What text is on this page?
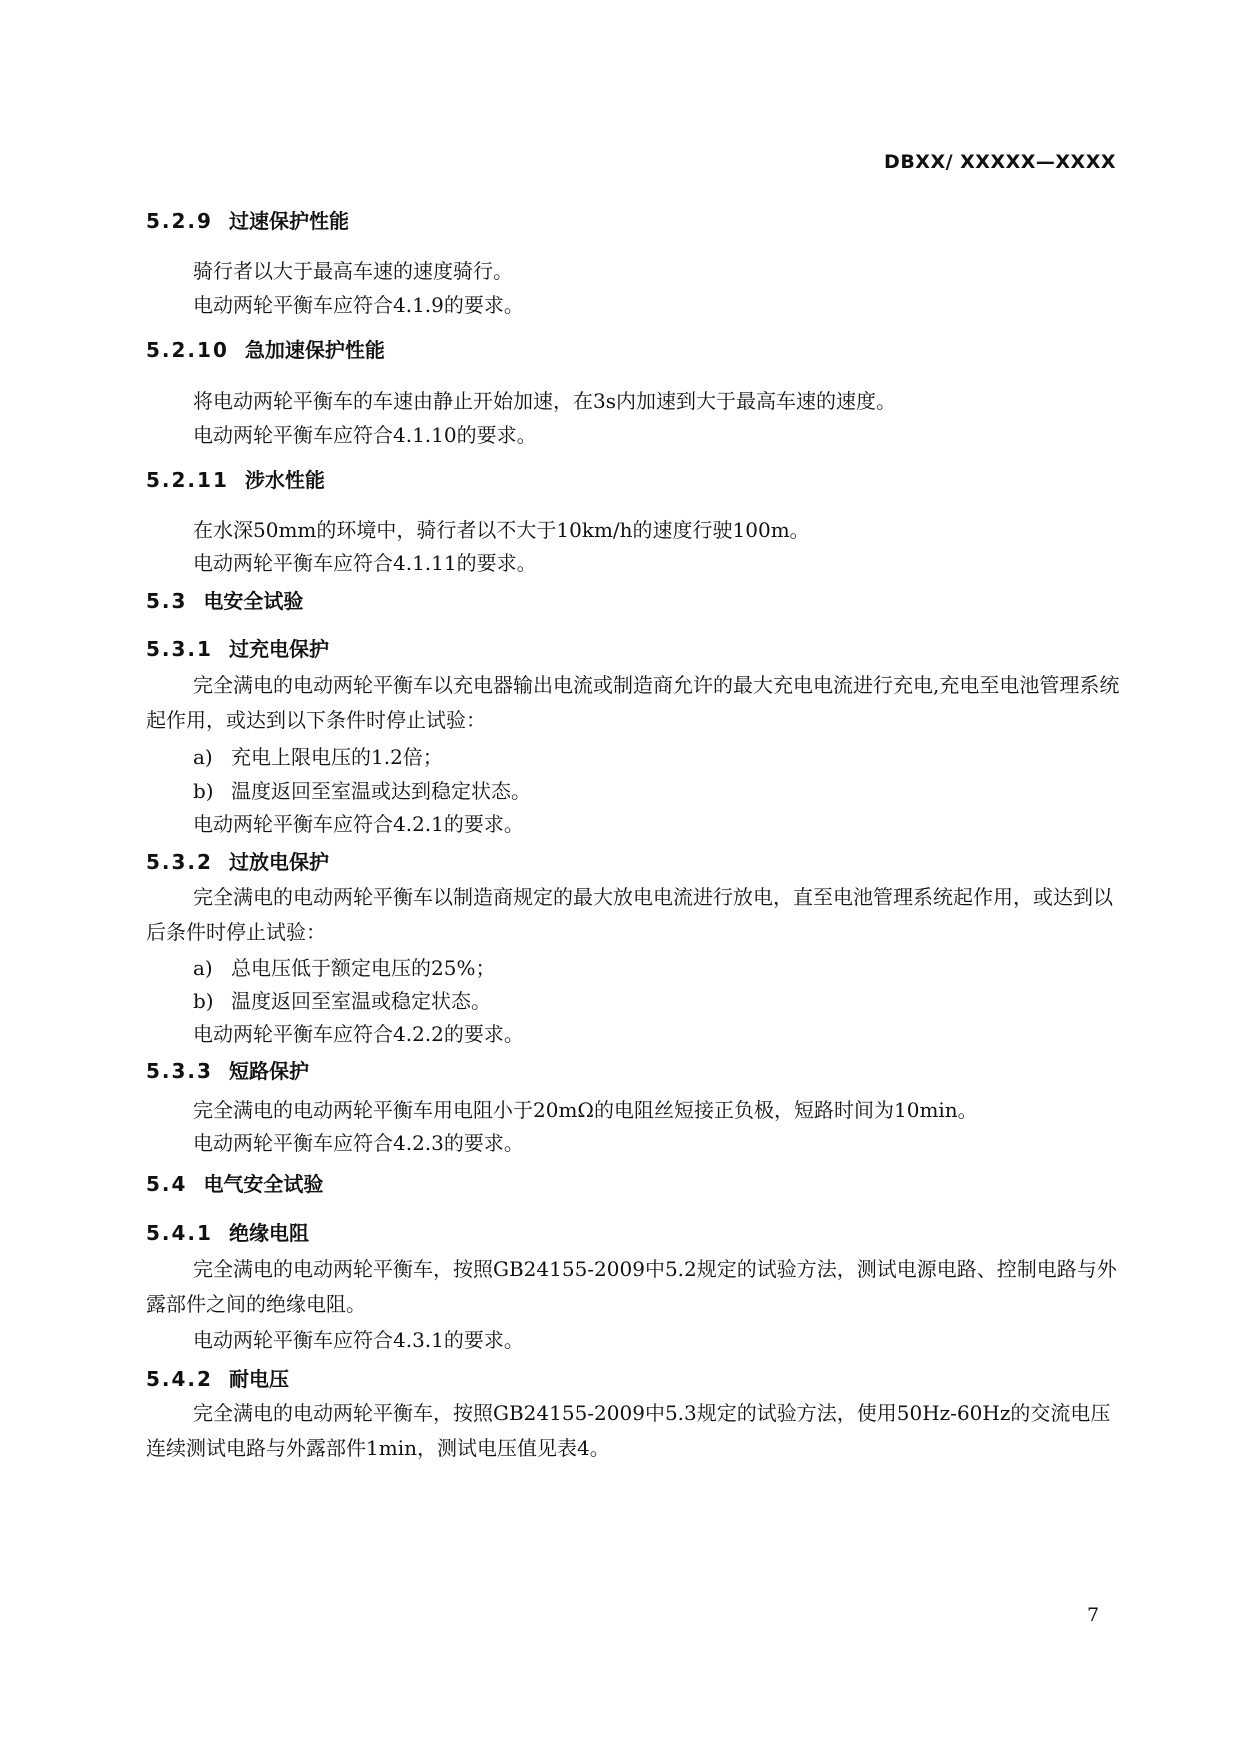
DBXX/ XXXXX—XXXX
5.2.9 过速保护性能
骑行者以大于最高车速的速度骑行。
电动两轮平衡车应符合4.1.9的要求。
5.2.10 急加速保护性能
将电动两轮平衡车的车速由静止开始加速，在3s内加速到大于最高车速的速度。
电动两轮平衡车应符合4.1.10的要求。
5.2.11 涉水性能
在水深50mm的环境中，骑行者以不大于10km/h的速度行驶100m。
电动两轮平衡车应符合4.1.11的要求。
5.3 电安全试验
5.3.1 过充电保护
完全满电的电动两轮平衡车以充电器输出电流或制造商允许的最大充电电流进行充电,充电至电池管理系统起作用，或达到以下条件时停止试验：
a) 充电上限电压的1.2倍；
b) 温度返回至室温或达到稳定状态。
电动两轮平衡车应符合4.2.1的要求。
5.3.2 过放电保护
完全满电的电动两轮平衡车以制造商规定的最大放电电流进行放电，直至电池管理系统起作用，或达到以后条件时停止试验：
a) 总电压低于额定电压的25%；
b) 温度返回至室温或稳定状态。
电动两轮平衡车应符合4.2.2的要求。
5.3.3 短路保护
完全满电的电动两轮平衡车用电阻小于20mΩ的电阻丝短接正负极，短路时间为10min。
电动两轮平衡车应符合4.2.3的要求。
5.4 电气安全试验
5.4.1 绝缘电阻
完全满电的电动两轮平衡车，按照GB24155-2009中5.2规定的试验方法，测试电源电路、控制电路与外露部件之间的绝缘电阻。
电动两轮平衡车应符合4.3.1的要求。
5.4.2 耐电压
完全满电的电动两轮平衡车，按照GB24155-2009中5.3规定的试验方法，使用50Hz-60Hz的交流电压连续测试电路与外露部件1min，测试电压值见表4。
7
